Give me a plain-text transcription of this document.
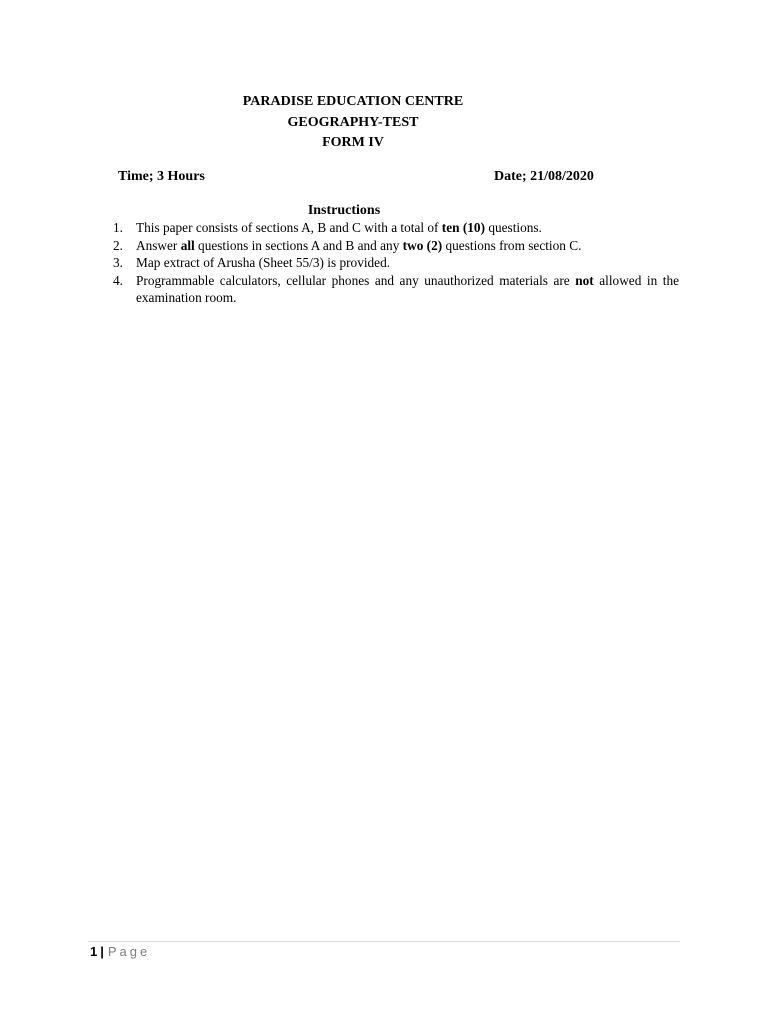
PARADISE EDUCATION CENTRE
GEOGRAPHY-TEST
FORM IV
Time; 3 Hours	Date; 21/08/2020
Instructions
1. This paper consists of sections A, B and C with a total of ten (10) questions.
2. Answer all questions in sections A and B and any two (2) questions from section C.
3. Map extract of Arusha (Sheet 55/3) is provided.
4. Programmable calculators, cellular phones and any unauthorized materials are not allowed in the examination room.
1 | Page
